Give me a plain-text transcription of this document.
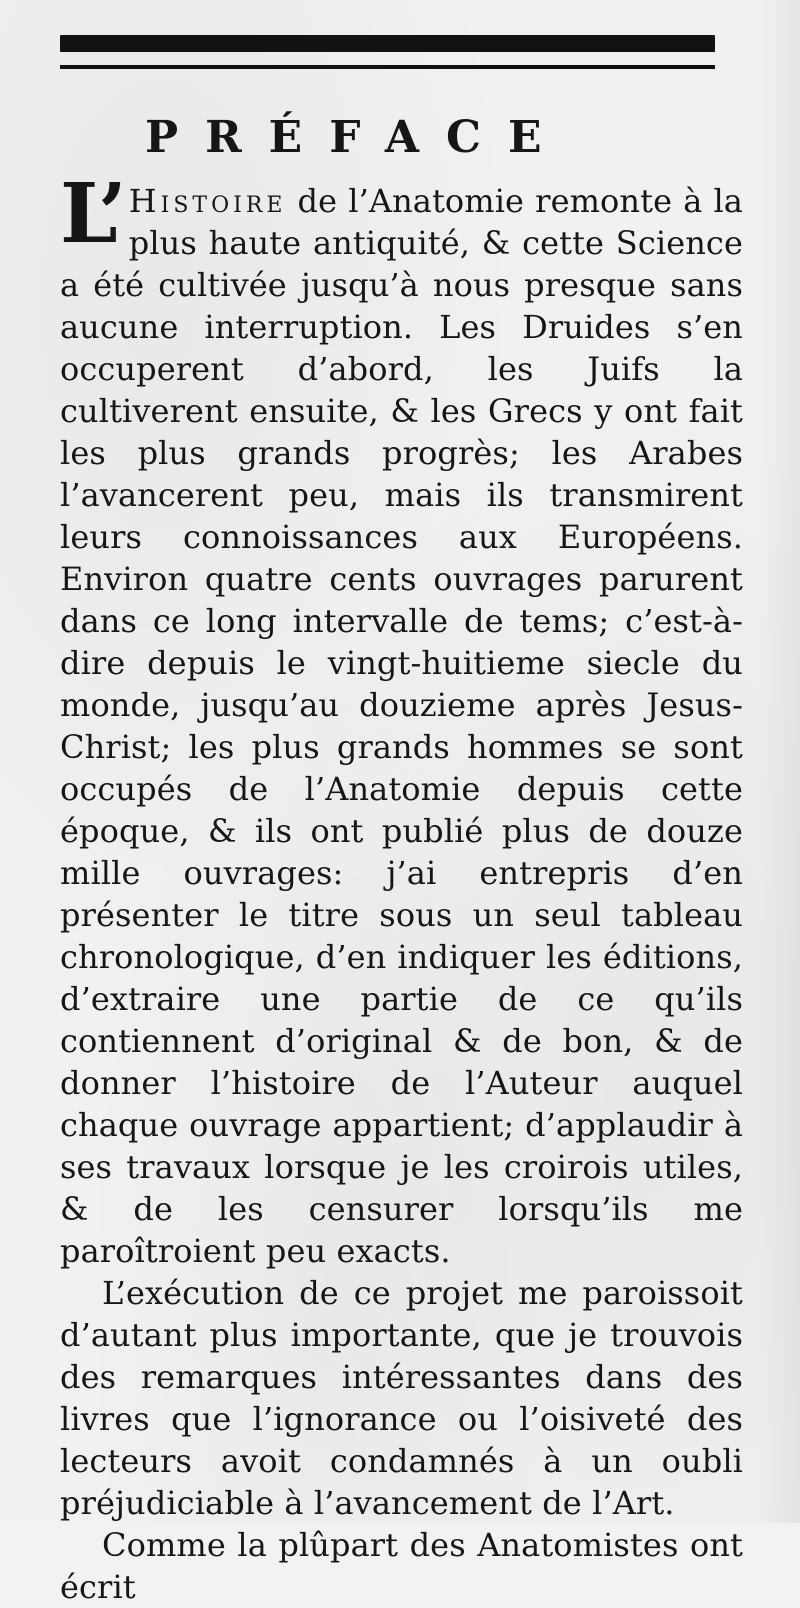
PRÉFACE

L’Histoire de l’Anatomie remonte à la plus haute antiquité, & cette Science a été cultivée jusqu’à nous presque sans aucune interruption. Les Druides s’en occuperent d’abord, les Juifs la cultiverent ensuite, & les Grecs y ont fait les plus grands progrès; les Arabes l’avancerent peu, mais ils transmirent leurs connoissances aux Européens. Environ quatre cents ouvrages parurent dans ce long intervalle de tems; c’est-à-dire depuis le vingt-huitieme siecle du monde, jusqu’au douzieme après Jesus-Christ; les plus grands hommes se sont occupés de l’Anatomie depuis cette époque, & ils ont publié plus de douze mille ouvrages: j’ai entrepris d’en présenter le titre sous un seul tableau chronologique, d’en indiquer les éditions, d’extraire une partie de ce qu’ils contiennent d’original & de bon, & de donner l’histoire de l’Auteur auquel chaque ouvrage appartient; d’applaudir à ses travaux lorsque je les croirois utiles, & de les censurer lorsqu’ils me paroîtroient peu exacts.

L’exécution de ce projet me paroissoit d’autant plus importante, que je trouvois des remarques intéressantes dans des livres que l’ignorance ou l’oisiveté des lecteurs avoit condamnés à un oubli préjudiciable à l’avancement de l’Art.

Comme la plûpart des Anatomistes ont écrit
